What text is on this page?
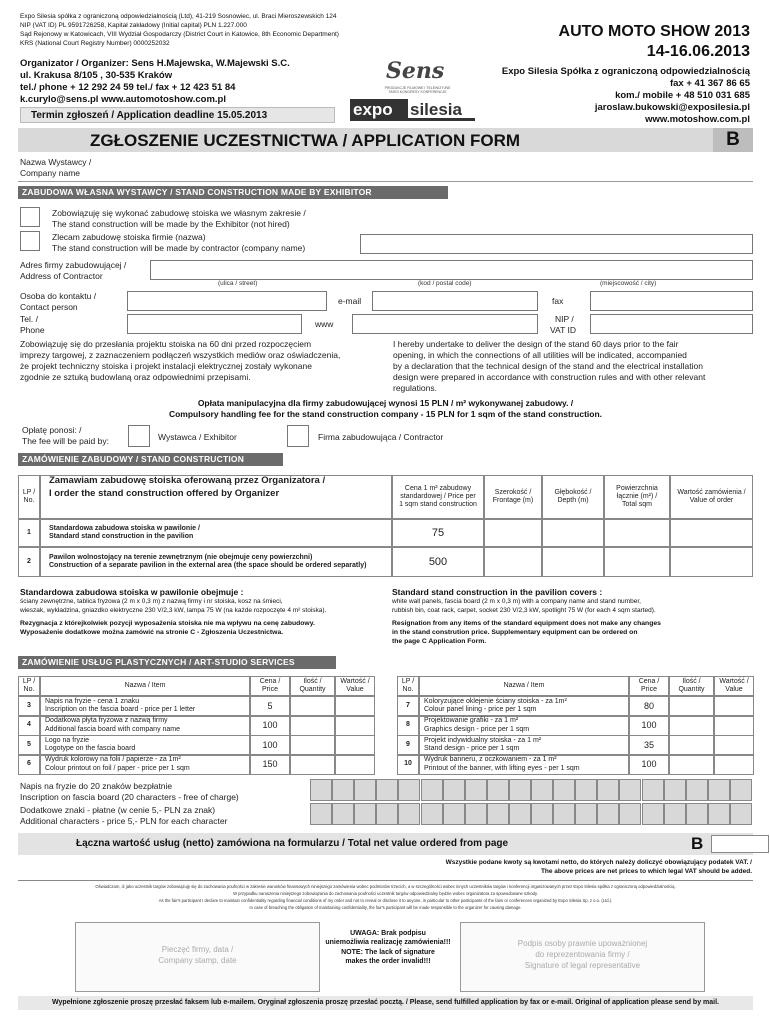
Expo Silesia spółka z ograniczoną odpowiedzialnością (Ltd), 41-219 Sosnowiec, ul. Braci Mieroszewskich 124
NIP (VAT ID) PL 9591726258, Kapitał zakładowy (Initial capital) PLN 1.227.000
Sąd Rejonowy w Katowicach, VIII Wydział Gospodarczy (District Court in Katowice, 8th Economic Department)
KRS (National Court Registry Number) 0000252032
AUTO MOTO SHOW 2013
14-16.06.2013
Organizator / Organizer: Sens H.Majewska, W.Majewski S.C.
ul. Krakusa 8/105 , 30-535 Kraków
tel./ phone + 12 292 24 59 tel./ fax + 12 423 51 84
k.curylo@sens.pl www.automotoshow.com.pl
Termin zgłoszeń / Application deadline 15.05.2013
Sens
PRODUKCJE FILMOWE I TELEWIZYJNE TARGI KONGRESY KONFERENCJE
expo silesia
Expo Silesia Spółka z ograniczoną odpowiedzialnością
fax + 41 367 86 65
kom./ mobile + 48 510 031 685
jaroslaw.bukowski@exposilesia.pl
www.motoshow.com.pl
ZGŁOSZENIE UCZESTNICTWA / APPLICATION FORM	B
Nazwa Wystawcy /
Company name
ZABUDOWA WŁASNA WYSTAWCY / STAND CONSTRUCTION MADE BY EXHIBITOR
Zobowiązuję się wykonać zabudowę stoiska we własnym zakresie /
The stand construction will be made by the Exhibitor (not hired)
Zlecam zabudowę stoiska firmie (nazwa)
The stand construction will be made by contractor (company name)
Adres firmy zabudowującej /
Address of Contractor
(ulica / street)	(kod / postal code)	(miejscowość / city)
Osoba do kontaktu /
Contact person
e-mail	fax
Tel. /
Phone
www	NIP /
VAT ID
Zobowiązuję się do przesłania projektu stoiska na 60 dni przed rozpoczęciem
imprezy targowej, z zaznaczeniem podłączeń wszystkich mediów oraz oświadczenia,
że projekt techniczny stoiska i projekt instalacji elektrycznej zostały wykonane
zgodnie ze sztuką budowlaną oraz odpowiednimi przepisami.
I hereby undertake to deliver the design of the stand 60 days prior to the fair
opening, in which the connections of all utilities will be indicated, accompanied
by a declaration that the technical design of the stand and the electrical installation
design were prepared in accordance with construction rules and with other relevant
regulations.
Opłata manipulacyjna dla firmy zabudowującej wynosi 15 PLN / m² wykonywanej zabudowy. /
Compulsory handling fee for the stand construction company - 15 PLN for 1 sqm of the stand construction.
Opłatę ponosi: /
The fee will be paid by:	Wystawca / Exhibitor	Firma zabudowująca / Contractor
ZAMÓWIENIE ZABUDOWY / STAND CONSTRUCTION
LP / No.
Zamawiam zabudowę stoiska oferowaną przez Organizatora /
I order the stand construction offered by Organizer	Cena 1 m² zabudowy standardowej / Price per 1 sqm stand construction
Szerokość / Frontage (m)
Głębokość / Depth (m)
Powierzchnia łącznie (m²) / Total sqm
Wartość zamówienia / Value of order
1
Standardowa zabudowa stoiska w pawilonie /
Standard stand construction in the pavilion	75
2
Pawilon wolnostojący na terenie zewnętrznym (nie obejmuje ceny powierzchni)
Construction of a separate pavilion in the external area (the space should be ordered separatly)	500
Standardowa zabudowa stoiska w pawilonie obejmuje :
ściany zewnętrzne, tablica fryzowa (2 m x 0,3 m) z nazwą firmy i nr stoiska, kosz na śmieci,
wieszak, wykładzina, gniazdko elektryczne 230 V/2,3 kW, lampa 75 W (na każde rozpoczęte 4 m² stoiska).
Standard stand construction in the pavilion covers :
white wall panels, fascia board (2 m x 0,3 m) with a company name and stand number,
rubbish bin, coat rack, carpet, socket 230 V/2,3 kW, spotlight 75 W (for each 4 sqm started).
Rezygnacja z którejkolwiek pozycji wyposażenia stoiska nie ma wpływu na cenę zabudowy.
Wyposażenie dodatkowe można zamówić na stronie C - Zgłoszenia Uczestnictwa.
Resignation from any items of the standard equipment does not make any changes
in the stand constrution price. Supplementary equipment can be ordered on
the page C Application Form.
ZAMÓWIENIE USŁUG PLASTYCZNYCH / ART-STUDIO SERVICES
LP / No.
Nazwa / Item
Cena / Price
Ilość / Quantity
Wartość / Value
3
Napis na fryzie - cena 1 znaku
Inscription on the fascia board - price per 1 letter	5
4
Dodatkowa płyta fryzowa z nazwą firmy
Additional fascia board with company name	100
5
Logo na fryzie
Logotype on the fascia board	100
6
Wydruk kolorowy na folii / papierze - za 1m²
Colour printout on foil / paper - price per 1 sqm	150
LP / No.
Nazwa / Item
Cena / Price
Ilość / Quantity
Wartość / Value
7
Koloryzujące oklejenie ściany stoiska - za 1m²
Colour panel lining - price per 1 sqm	80
8
Projektowanie grafiki - za 1 m²
Graphics design - price per 1 sqm	100
9
Projekt indywidualny stoiska - za 1 m²
Stand design - price per 1 sqm	35
10
Wydruk banneru, z oczkowaniem - za 1 m²
Printout of the banner, with lifting eyes - per 1 sqm	100
Napis na fryzie do 20 znaków bezpłatnie
Inscription on fascia board (20 characters - free of charge)
Dodatkowe znaki - płatne (w cenie 5,- PLN za znak)
Additional characters - price 5,- PLN for each character
Łączna wartość usług (netto) zamówiona na formularzu / Total net value ordered from page	B
Wszystkie podane kwoty są kwotami netto, do których należy doliczyć obowiązujący podatek VAT. /
The above prices are net prices to which legal VAT should be added.
Oświadczam, iż jako uczestnik targów zobowiązuję się do zachowania poufności w zakresie warunków finansowych niniejszego zamówienia wobec podmiotów trzecich, a w szczególności wobec innych uczestników targów i konferencji organizowanych przez Expo Silesia spółka z ograniczoną odpowiedzialnością.
W przypadku naruszenia niniejszego zobowiązania do zachowania poufności uczestnik targów odpowiedzialny będzie wobec organizatora za spowodowane szkody.
As the fair's participant I declare to maintain confidentiality regarding financial conditions of my order and not to reveal or disclose it to anyone, in particular to other participants of the fairs or conferences organized by Expo Silesia Sp. z o.o. (Ltd.).
In case of breaching the obligation of maintaining confidentiality, the fair's participant will be made responsible to the organizer for causing damage.
Pieczęć firmy, data /
Company stamp, date
UWAGA: Brak podpisu
uniemożliwia realizację zamówienia!!!
NOTE: The lack of signature
makes the order invalid!!!
Podpis osoby prawnie upoważnionej
do reprezentowania firmy /
Signature of legal representative
Wypełnione zgłoszenie proszę przesłać faksem lub e-mailem. Oryginał zgłoszenia proszę przesłać pocztą. / Please, send fulfilled application by fax or e-mail. Original of application please send by mail.
